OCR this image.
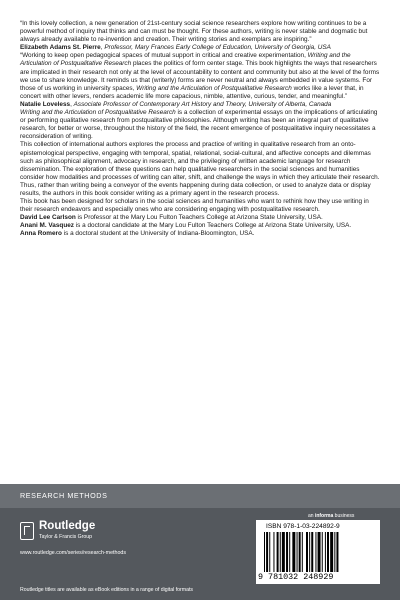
“In this lovely collection, a new generation of 21st-century social science researchers explore how writing continues to be a powerful method of inquiry that thinks and can must be thought. For these authors, writing is never stable and dogmatic but always already available to re-invention and creation. Their writing stories and exemplars are inspiring.”

Elizabeth Adams St. Pierre, Professor, Mary Frances Early College of Education, University of Georgia, USA

“Working to keep open pedagogical spaces of mutual support in critical and creative experimentation, Writing and the Articulation of Postqualitative Research places the politics of form center stage. This book highlights the ways that researchers are implicated in their research not only at the level of accountability to content and community but also at the level of the forms we use to share knowledge. It reminds us that (writerly) forms are never neutral and always embedded in value systems. For those of us working in university spaces, Writing and the Articulation of Postqualitative Research works like a lever that, in concert with other levers, renders academic life more capacious, nimble, attentive, curious, tender, and meaningful.”

Natalie Loveless, Associate Professor of Contemporary Art History and Theory, University of Alberta, Canada

Writing and the Articulation of Postqualitative Research is a collection of experimental essays on the implications of articulating or performing qualitative research from postqualitative philosophies. Although writing has been an integral part of qualitative research, for better or worse, throughout the history of the field, the recent emergence of postqualitative inquiry necessitates a reconsideration of writing.

This collection of international authors explores the process and practice of writing in qualitative research from an onto-epistemological perspective, engaging with temporal, spatial, relational, social-cultural, and affective concepts and dilemmas such as philosophical alignment, advocacy in research, and the privileging of written academic language for research dissemination. The exploration of these questions can help qualitative researchers in the social sciences and humanities consider how modalities and processes of writing can alter, shift, and challenge the ways in which they articulate their research. Thus, rather than writing being a conveyor of the events happening during data collection, or used to analyze data or display results, the authors in this book consider writing as a primary agent in the research process.

This book has been designed for scholars in the social sciences and humanities who want to rethink how they use writing in their research endeavors and especially ones who are considering engaging with postqualitative research.

David Lee Carlson is Professor at the Mary Lou Fulton Teachers College at Arizona State University, USA.

Anani M. Vasquez is a doctoral candidate at the Mary Lou Fulton Teachers College at Arizona State University, USA.

Anna Romero is a doctoral student at the University of Indiana-Bloomington, USA.

RESEARCH METHODS
Routledge
Taylor & Francis Group
www.routledge.com/series/research-methods
Routledge titles are available as eBook editions in a range of digital formats
an informa business
ISBN 978-1-03-224892-9
9 781032 248929
